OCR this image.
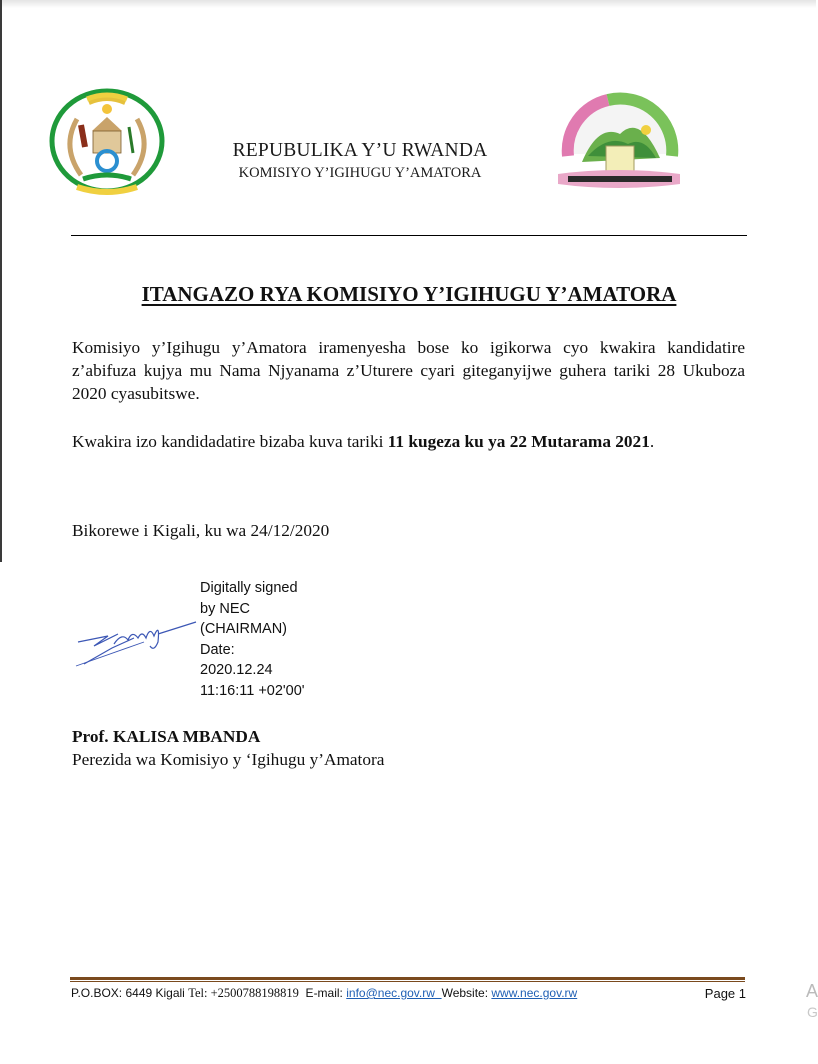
REPUBULIKA Y’U RWANDA
KOMISIYO Y’IGIHUGU Y’AMATORA
ITANGAZO RYA KOMISIYO Y’IGIHUGU Y’AMATORA
Komisiyo y’Igihugu y’Amatora iramenyesha bose ko igikorwa cyo kwakira kandidatire z’abifuza kujya mu Nama Njyanama z’Uturere cyari giteganyijwe guhera tariki 28 Ukuboza 2020 cyasubitswe.
Kwakira izo kandidadatire bizaba kuva tariki 11 kugeza ku ya 22 Mutarama 2021.
Bikorewe i Kigali, ku wa 24/12/2020
Digitally signed
by NEC
(CHAIRMAN)
Date:
2020.12.24
11:16:11 +02'00'
Prof. KALISA MBANDA
Perezida wa Komisiyo y ‘Igihugu y’Amatora
P.O.BOX: 6449 Kigali Tel: +2500788198819  E-mail: info@nec.gov.rw  Website: www.nec.gov.rw	Page 1	A
G
